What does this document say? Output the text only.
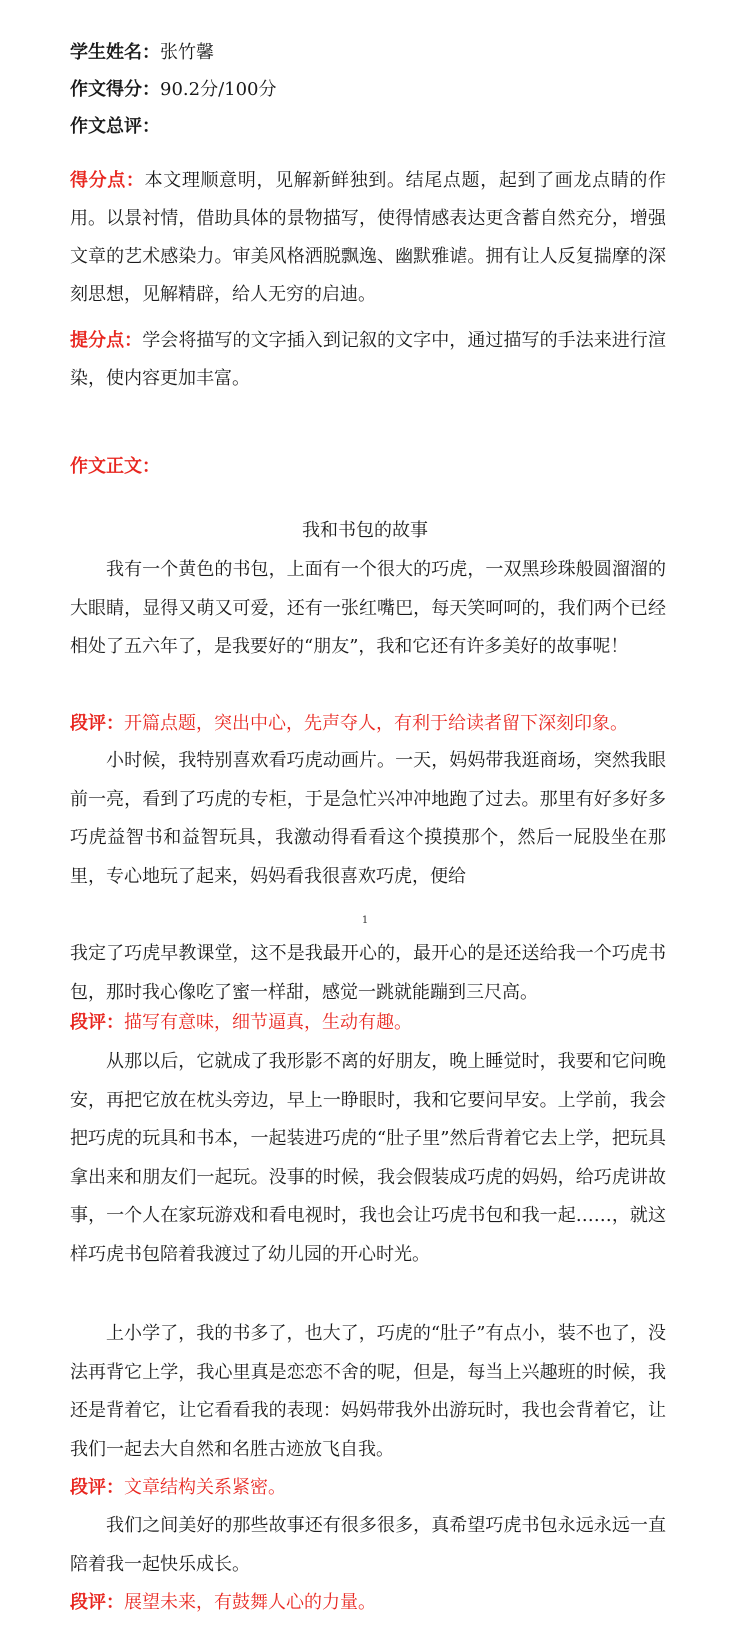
学生姓名：张竹馨
作文得分：90.2分/100分
作文总评：
得分点：本文理顺意明，见解新鲜独到。结尾点题，起到了画龙点睛的作用。以景衬情，借助具体的景物描写，使得情感表达更含蓄自然充分，增强文章的艺术感染力。审美风格洒脱飘逸、幽默雅谑。拥有让人反复揣摩的深刻思想，见解精辟，给人无穷的启迪。
提分点：学会将描写的文字插入到记叙的文字中，通过描写的手法来进行渲染，使内容更加丰富。
作文正文：
我和书包的故事
我有一个黄色的书包，上面有一个很大的巧虎，一双黑珍珠般圆溜溜的大眼睛，显得又萌又可爱，还有一张红嘴巴，每天笑呵呵的，我们两个已经相处了五六年了，是我要好的“朋友”，我和它还有许多美好的故事呢！
段评：开篇点题，突出中心，先声夺人，有利于给读者留下深刻印象。
小时候，我特别喜欢看巧虎动画片。一天，妈妈带我逛商场，突然我眼前一亮，看到了巧虎的专柜，于是急忙兴冲冲地跑了过去。那里有好多好多巧虎益智书和益智玩具，我激动得看看这个摸摸那个，然后一屁股坐在那里，专心地玩了起来，妈妈看我很喜欢巧虎，便给
1
我定了巧虎早教课堂，这不是我最开心的，最开心的是还送给我一个巧虎书包，那时我心像吃了蜜一样甜，感觉一跳就能蹦到三尺高。
段评：描写有意味，细节逼真，生动有趣。
从那以后，它就成了我形影不离的好朋友，晚上睡觉时，我要和它问晚安，再把它放在枕头旁边，早上一睁眼时，我和它要问早安。上学前，我会把巧虎的玩具和书本，一起装进巧虎的“肚子里”然后背着它去上学，把玩具拿出来和朋友们一起玩。没事的时候，我会假装成巧虎的妈妈，给巧虎讲故事，一个人在家玩游戏和看电视时，我也会让巧虎书包和我一起……，就这样巧虎书包陪着我渡过了幼儿园的开心时光。
上小学了，我的书多了，也大了，巧虎的“肚子”有点小，装不也了，没法再背它上学，我心里真是恋恋不舍的呢，但是，每当上兴趣班的时候，我还是背着它，让它看看我的表现：妈妈带我外出游玩时，我也会背着它，让我们一起去大自然和名胜古迹放飞自我。
段评：文章结构关系紧密。
我们之间美好的那些故事还有很多很多，真希望巧虎书包永远永远一直陪着我一起快乐成长。
段评：展望未来，有鼓舞人心的力量。
